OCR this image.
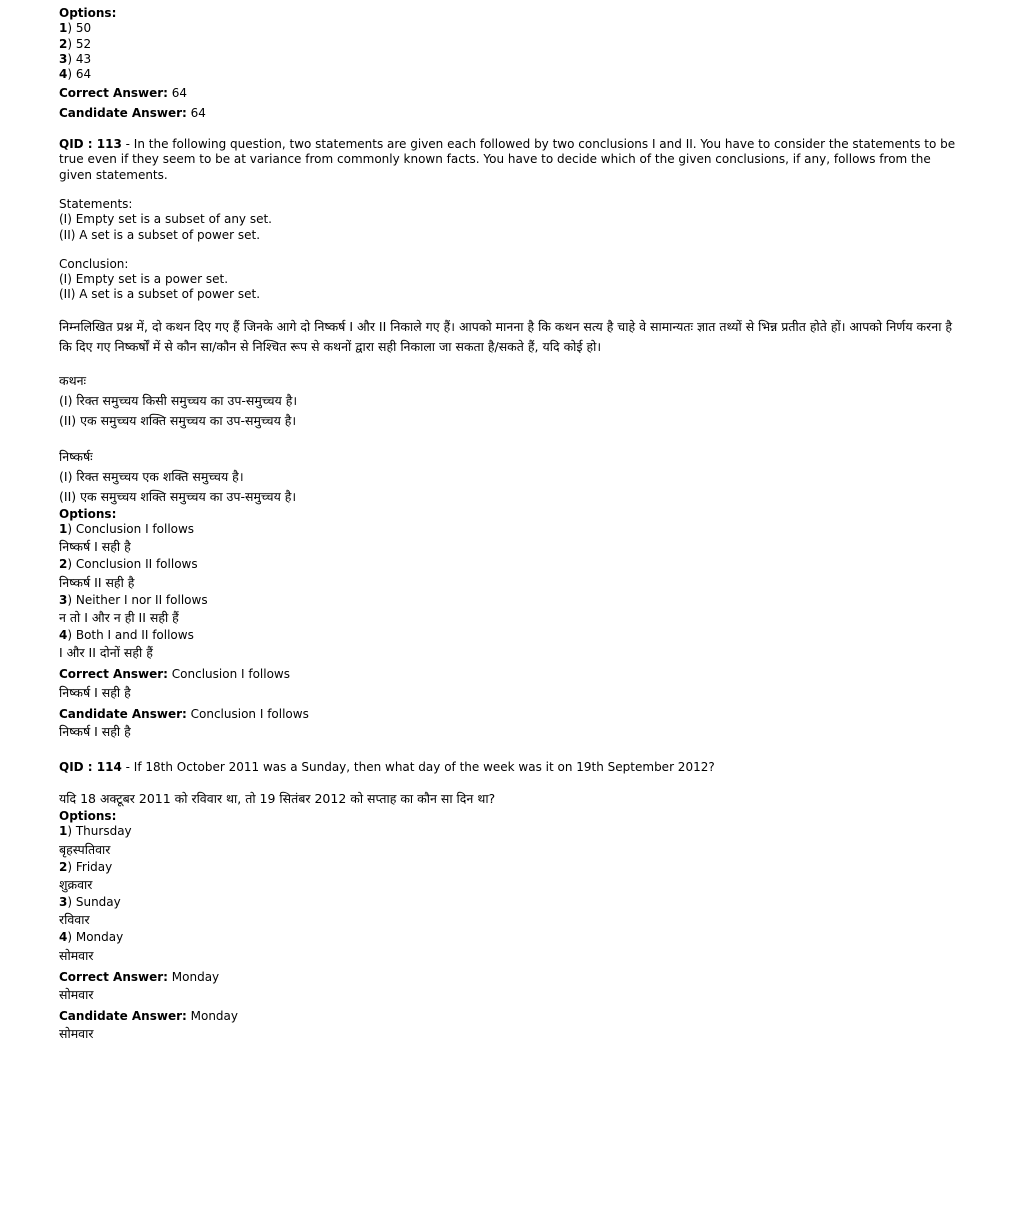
Options:
1) 50
2) 52
3) 43
4) 64
Correct Answer: 64
Candidate Answer: 64
QID : 113 - In the following question, two statements are given each followed by two conclusions I and II. You have to consider the statements to be true even if they seem to be at variance from commonly known facts. You have to decide which of the given conclusions, if any, follows from the given statements.
Statements:
(I) Empty set is a subset of any set.
(II) A set is a subset of power set.
Conclusion:
(I) Empty set is a power set.
(II) A set is a subset of power set.
निम्नलिखित प्रश्न में, दो कथन दिए गए हैं जिनके आगे दो निष्कर्ष I और II निकाले गए हैं। आपको मानना है कि कथन सत्य है चाहे वे सामान्यतः ज्ञात तथ्यों से भिन्न प्रतीत होते हों। आपको निर्णय करना है कि दिए गए निष्कर्षों में से कौन सा/कौन से निश्चित रूप से कथनों द्वारा सही निकाला जा सकता है/सकते हैं, यदि कोई हो।
कथनः
(I) रिक्त समुच्चय किसी समुच्चय का उप-समुच्चय है।
(II) एक समुच्चय शक्ति समुच्चय का उप-समुच्चय है।
निष्कर्षः
(I) रिक्त समुच्चय एक शक्ति समुच्चय है।
(II) एक समुच्चय शक्ति समुच्चय का उप-समुच्चय है।
Options:
1) Conclusion I follows
निष्कर्ष I सही है
2) Conclusion II follows
निष्कर्ष II सही है
3) Neither I nor II follows
न तो I और न ही II सही हैं
4) Both I and II follows
I और II दोनों सही हैं
Correct Answer: Conclusion I follows
निष्कर्ष I सही है
Candidate Answer: Conclusion I follows
निष्कर्ष I सही है
QID : 114 - If 18th October 2011 was a Sunday, then what day of the week was it on 19th September 2012?
यदि 18 अक्टूबर 2011 को रविवार था, तो 19 सितंबर 2012 को सप्ताह का कौन सा दिन था?
Options:
1) Thursday
बृहस्पतिवार
2) Friday
शुक्रवार
3) Sunday
रविवार
4) Monday
सोमवार
Correct Answer: Monday
सोमवार
Candidate Answer: Monday
सोमवार
